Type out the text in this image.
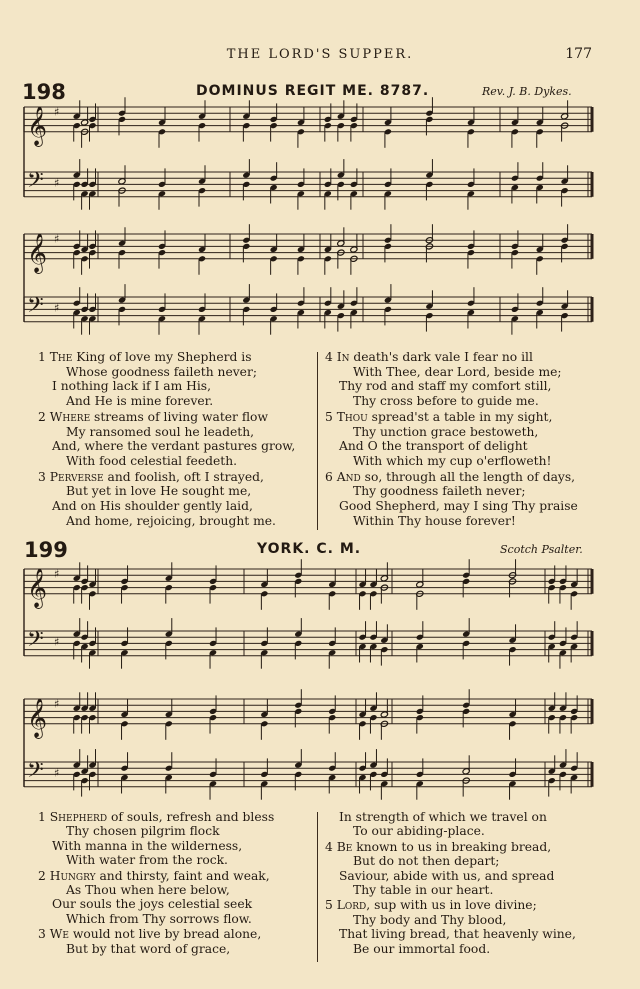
THE LORD'S SUPPER.	177
198	DOMINUS REGIT ME. 8787.	Rev. J. B. Dykes.
199	YORK. C. M.	Scotch Psalter.
𝄞 ♯
𝄢 ♯
𝄞 ♯
𝄢 ♯
𝄞 ♯
𝄢 ♯
𝄞 ♯
𝄢 ♯
1 The King of love my Shepherd is
Whose goodness faileth never;
I nothing lack if I am His,
And He is mine forever.
2 Where streams of living water flow
My ransomed soul he leadeth,
And, where the verdant pastures grow,
With food celestial feedeth.
3 Perverse and foolish, oft I strayed,
But yet in love He sought me,
And on His shoulder gently laid,
And home, rejoicing, brought me.
4 In death's dark vale I fear no ill
With Thee, dear Lord, beside me;
Thy rod and staff my comfort still,
Thy cross before to guide me.
5 Thou spread'st a table in my sight,
Thy unction grace bestoweth,
And O the transport of delight
With which my cup o'erfloweth!
6 And so, through all the length of days,
Thy goodness faileth never;
Good Shepherd, may I sing Thy praise
Within Thy house forever!
1 Shepherd of souls, refresh and bless
Thy chosen pilgrim flock
With manna in the wilderness,
With water from the rock.
2 Hungry and thirsty, faint and weak,
As Thou when here below,
Our souls the joys celestial seek
Which from Thy sorrows flow.
3 We would not live by bread alone,
But by that word of grace,
In strength of which we travel on
To our abiding-place.
4 Be known to us in breaking bread,
But do not then depart;
Saviour, abide with us, and spread
Thy table in our heart.
5 Lord, sup with us in love divine;
Thy body and Thy blood,
That living bread, that heavenly wine,
Be our immortal food.
